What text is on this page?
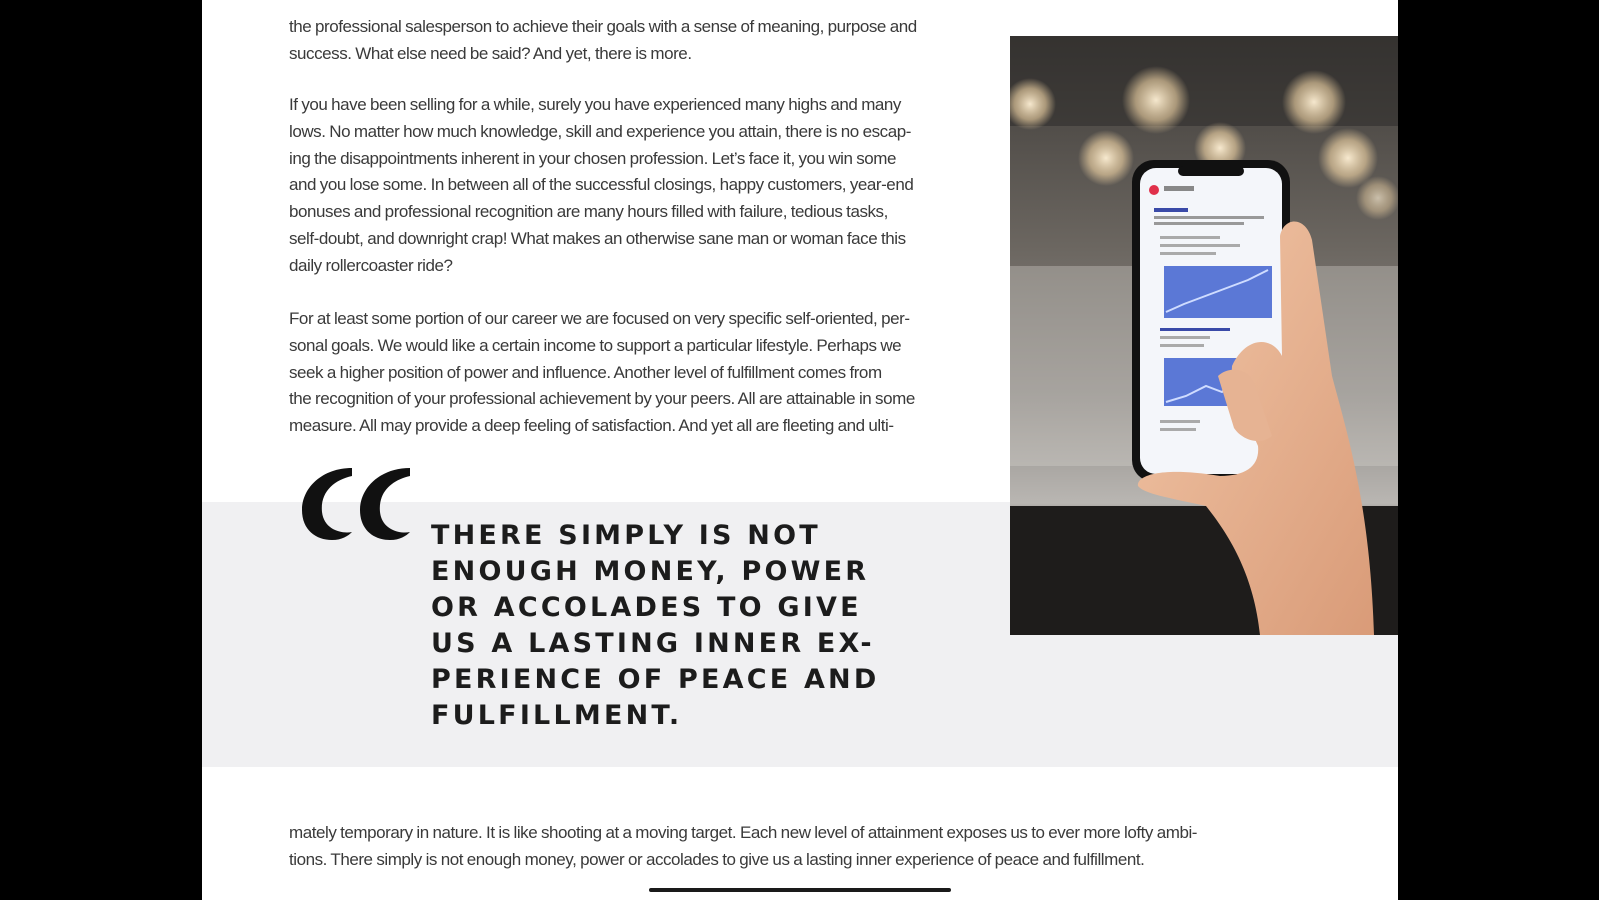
the professional salesperson to achieve their goals with a sense of meaning, purpose and
success. What else need be said? And yet, there is more.

If you have been selling for a while, surely you have experienced many highs and many
lows. No matter how much knowledge, skill and experience you attain, there is no escap-
ing the disappointments inherent in your chosen profession. Let’s face it, you win some
and you lose some. In between all of the successful closings, happy customers, year-end
bonuses and professional recognition are many hours filled with failure, tedious tasks,
self-doubt, and downright crap! What makes an otherwise sane man or woman face this
daily rollercoaster ride?

For at least some portion of our career we are focused on very specific self-oriented, per-
sonal goals. We would like a certain income to support a particular lifestyle. Perhaps we
seek a higher position of power and influence. Another level of fulfillment comes from
the recognition of your professional achievement by your peers. All are attainable in some
measure. All may provide a deep feeling of satisfaction. And yet all are fleeting and ulti-

THERE SIMPLY IS NOT
ENOUGH MONEY, POWER
OR ACCOLADES TO GIVE
US A LASTING INNER EX-
PERIENCE OF PEACE AND
FULFILLMENT.

mately temporary in nature. It is like shooting at a moving target. Each new level of attainment exposes us to ever more lofty ambi-
tions. There simply is not enough money, power or accolades to give us a lasting inner experience of peace and fulfillment.
